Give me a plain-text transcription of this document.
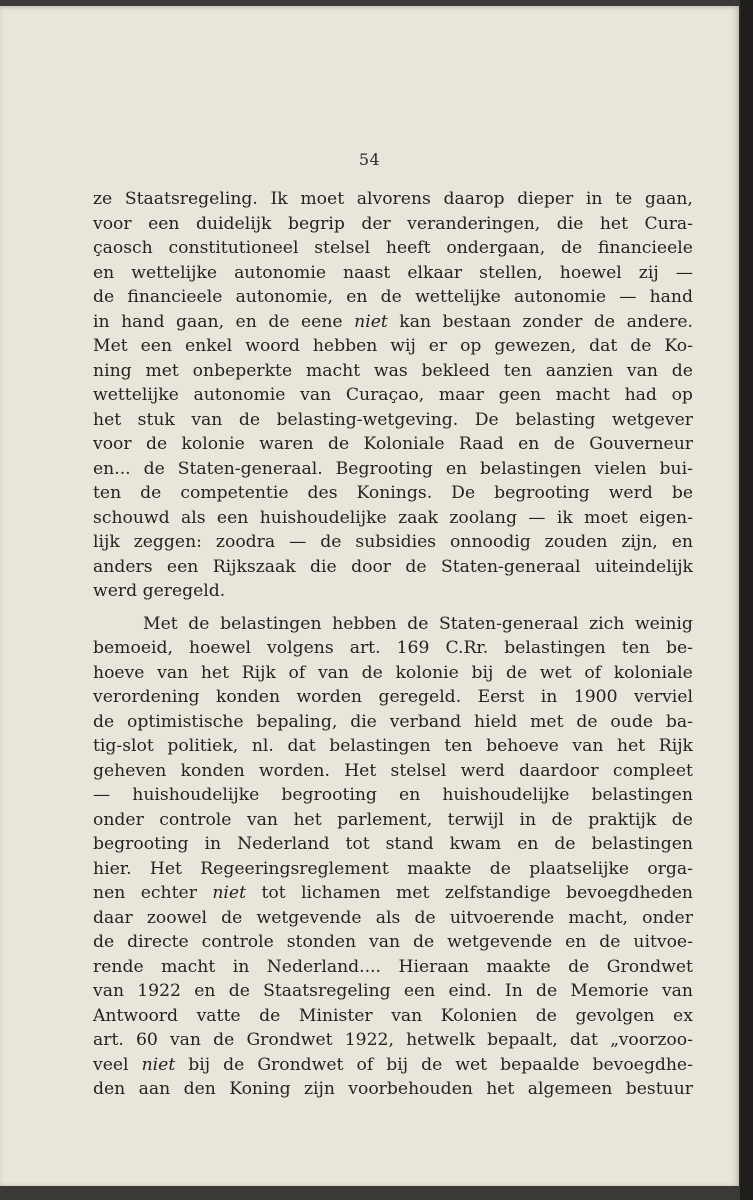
54
ze Staatsregeling. Ik moet alvorens daarop dieper in te gaan,
voor een duidelijk begrip der veranderingen, die het Cura-
çaosch constitutioneel stelsel heeft ondergaan, de financieele
en wettelijke autonomie naast elkaar stellen, hoewel zij —
de financieele autonomie, en de wettelijke autonomie — hand
in hand gaan, en de eene niet kan bestaan zonder de andere.
Met een enkel woord hebben wij er op gewezen, dat de Ko-
ning met onbeperkte macht was bekleed ten aanzien van de
wettelijke autonomie van Curaçao, maar geen macht had op
het stuk van de belasting-wetgeving. De belasting wetgever
voor de kolonie waren de Koloniale Raad en de Gouverneur
en... de Staten-generaal. Begrooting en belastingen vielen bui-
ten de competentie des Konings. De begrooting werd be
schouwd als een huishoudelijke zaak zoolang — ik moet eigen-
lijk zeggen: zoodra — de subsidies onnoodig zouden zijn, en
anders een Rijkszaak die door de Staten-generaal uiteindelijk
werd geregeld.
Met de belastingen hebben de Staten-generaal zich weinig
bemoeid, hoewel volgens art. 169 C.Rr. belastingen ten be-
hoeve van het Rijk of van de kolonie bij de wet of koloniale
verordening konden worden geregeld. Eerst in 1900 verviel
de optimistische bepaling, die verband hield met de oude ba-
tig-slot politiek, nl. dat belastingen ten behoeve van het Rijk
geheven konden worden. Het stelsel werd daardoor compleet
— huishoudelijke begrooting en huishoudelijke belastingen
onder controle van het parlement, terwijl in de praktijk de
begrooting in Nederland tot stand kwam en de belastingen
hier. Het Regeeringsreglement maakte de plaatselijke orga-
nen echter niet tot lichamen met zelfstandige bevoegdheden
daar zoowel de wetgevende als de uitvoerende macht, onder
de directe controle stonden van de wetgevende en de uitvoe-
rende macht in Nederland.... Hieraan maakte de Grondwet
van 1922 en de Staatsregeling een eind. In de Memorie van
Antwoord vatte de Minister van Kolonien de gevolgen ex
art. 60 van de Grondwet 1922, hetwelk bepaalt, dat „voorzoo-
veel niet bij de Grondwet of bij de wet bepaalde bevoegdhe-
den aan den Koning zijn voorbehouden het algemeen bestuur
